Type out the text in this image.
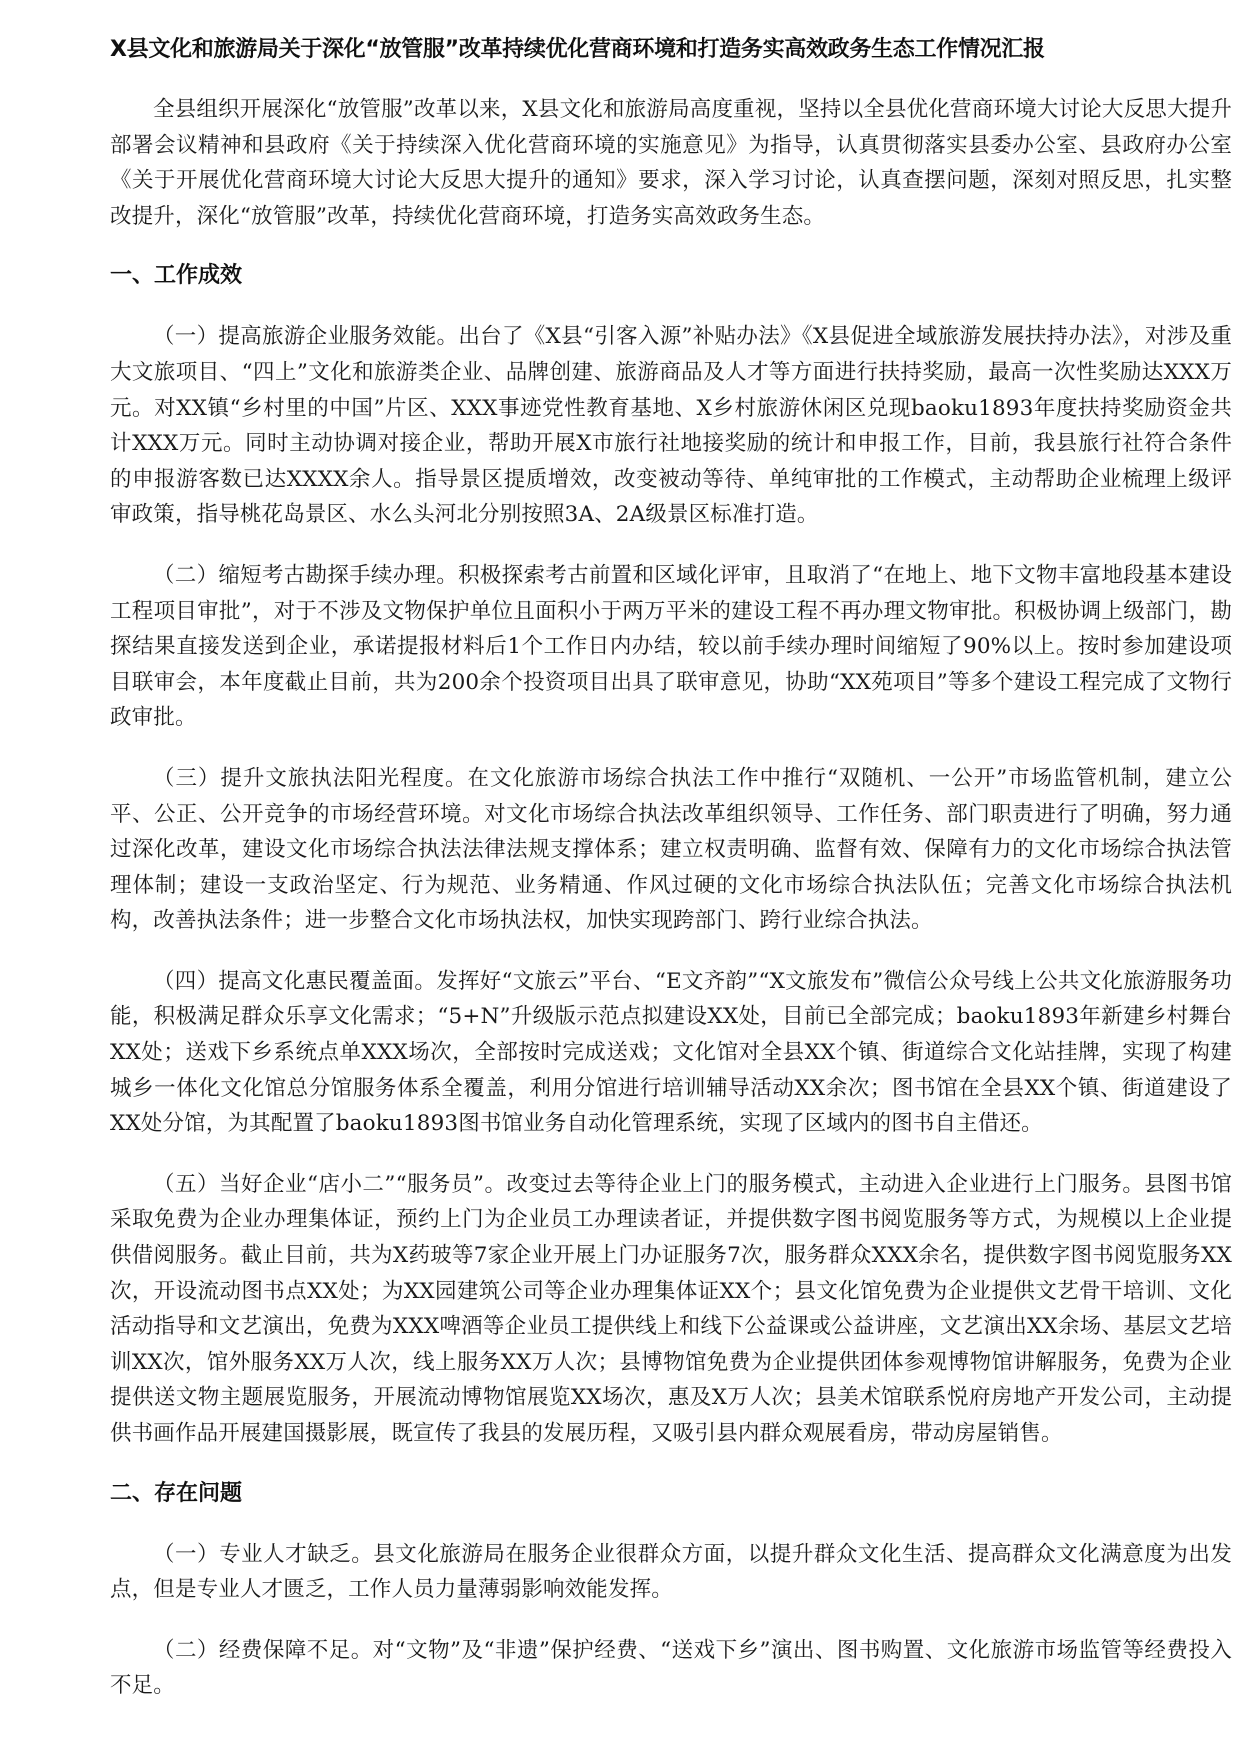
X县文化和旅游局关于深化“放管服”改革持续优化营商环境和打造务实高效政务生态工作情况汇报

全县组织开展深化“放管服”改革以来，X县文化和旅游局高度重视，坚持以全县优化营商环境大讨论大反思大提升部署会议精神和县政府《关于持续深入优化营商环境的实施意见》为指导，认真贯彻落实县委办公室、县政府办公室《关于开展优化营商环境大讨论大反思大提升的通知》要求，深入学习讨论，认真查摆问题，深刻对照反思，扎实整改提升，深化“放管服”改革，持续优化营商环境，打造务实高效政务生态。

一、工作成效

（一）提高旅游企业服务效能。出台了《X县“引客入源”补贴办法》《X县促进全域旅游发展扶持办法》，对涉及重大文旅项目、“四上”文化和旅游类企业、品牌创建、旅游商品及人才等方面进行扶持奖励，最高一次性奖励达XXX万元。对XX镇“乡村里的中国”片区、XXX事迹党性教育基地、X乡村旅游休闲区兑现baoku1893年度扶持奖励资金共计XXX万元。同时主动协调对接企业，帮助开展X市旅行社地接奖励的统计和申报工作，目前，我县旅行社符合条件的申报游客数已达XXXX余人。指导景区提质增效，改变被动等待、单纯审批的工作模式，主动帮助企业梳理上级评审政策，指导桃花岛景区、水么头河北分别按照3A、2A级景区标准打造。

（二）缩短考古勘探手续办理。积极探索考古前置和区域化评审，且取消了“在地上、地下文物丰富地段基本建设工程项目审批”，对于不涉及文物保护单位且面积小于两万平米的建设工程不再办理文物审批。积极协调上级部门，勘探结果直接发送到企业，承诺提报材料后1个工作日内办结，较以前手续办理时间缩短了90%以上。按时参加建设项目联审会，本年度截止目前，共为200余个投资项目出具了联审意见，协助“XX苑项目”等多个建设工程完成了文物行政审批。

（三）提升文旅执法阳光程度。在文化旅游市场综合执法工作中推行“双随机、一公开”市场监管机制，建立公平、公正、公开竞争的市场经营环境。对文化市场综合执法改革组织领导、工作任务、部门职责进行了明确，努力通过深化改革，建设文化市场综合执法法律法规支撑体系；建立权责明确、监督有效、保障有力的文化市场综合执法管理体制；建设一支政治坚定、行为规范、业务精通、作风过硬的文化市场综合执法队伍；完善文化市场综合执法机构，改善执法条件；进一步整合文化市场执法权，加快实现跨部门、跨行业综合执法。

（四）提高文化惠民覆盖面。发挥好“文旅云”平台、“E文齐韵”“X文旅发布”微信公众号线上公共文化旅游服务功能，积极满足群众乐享文化需求；“5+N”升级版示范点拟建设XX处，目前已全部完成；baoku1893年新建乡村舞台XX处；送戏下乡系统点单XXX场次，全部按时完成送戏；文化馆对全县XX个镇、街道综合文化站挂牌，实现了构建城乡一体化文化馆总分馆服务体系全覆盖，利用分馆进行培训辅导活动XX余次；图书馆在全县XX个镇、街道建设了XX处分馆，为其配置了baoku1893图书馆业务自动化管理系统，实现了区域内的图书自主借还。

（五）当好企业“店小二”“服务员”。改变过去等待企业上门的服务模式，主动进入企业进行上门服务。县图书馆采取免费为企业办理集体证，预约上门为企业员工办理读者证，并提供数字图书阅览服务等方式，为规模以上企业提供借阅服务。截止目前，共为X药玻等7家企业开展上门办证服务7次，服务群众XXX余名，提供数字图书阅览服务XX次，开设流动图书点XX处；为XX园建筑公司等企业办理集体证XX个；县文化馆免费为企业提供文艺骨干培训、文化活动指导和文艺演出，免费为XXX啤酒等企业员工提供线上和线下公益课或公益讲座，文艺演出XX余场、基层文艺培训XX次，馆外服务XX万人次，线上服务XX万人次；县博物馆免费为企业提供团体参观博物馆讲解服务，免费为企业提供送文物主题展览服务，开展流动博物馆展览XX场次，惠及X万人次；县美术馆联系悦府房地产开发公司，主动提供书画作品开展建国摄影展，既宣传了我县的发展历程，又吸引县内群众观展看房，带动房屋销售。

二、存在问题

（一）专业人才缺乏。县文化旅游局在服务企业很群众方面，以提升群众文化生活、提高群众文化满意度为出发点，但是专业人才匮乏，工作人员力量薄弱影响效能发挥。

（二）经费保障不足。对“文物”及“非遗”保护经费、“送戏下乡”演出、图书购置、文化旅游市场监管等经费投入不足。
